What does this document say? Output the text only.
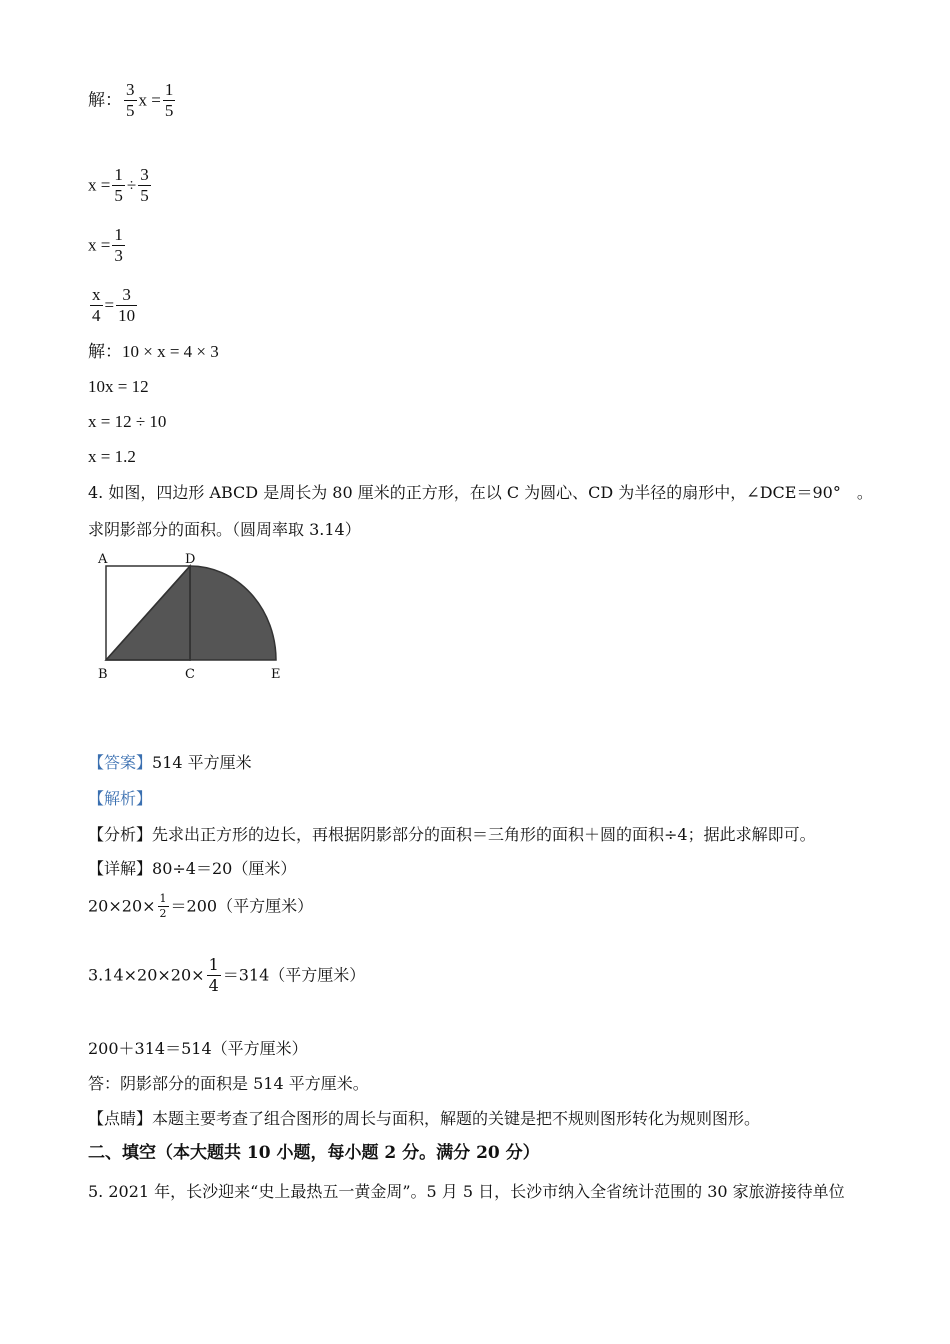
解： $\frac{3}{5}$ $x = \frac{1}{5}$
$x = \frac{1}{5} \div \frac{3}{5}$
$x = \frac{1}{3}$
$\frac{x}{4} = \frac{3}{10}$
解：10 × x = 4 × 3
10x = 12
x = 12 ÷ 10
x = 1.2
4. 如图，四边形 ABCD 是周长为 80 厘米的正方形，在以 C 为圆心、CD 为半径的扇形中，∠DCE＝90°　。
求阴影部分的面积。（圆周率取 3.14）
A	D
B	C	E
【答案】514 平方厘米
【解析】
【分析】先求出正方形的边长，再根据阴影部分的面积＝三角形的面积＋圆的面积÷4；据此求解即可。
【详解】80÷4＝20（厘米）
$20\times 20\times \frac{1}{2} =200$（平方厘米）
$3.14\times 20\times 20\times \frac{1}{4} =314$（平方厘米）
200＋314＝514（平方厘米）
答：阴影部分的面积是 514 平方厘米。
【点睛】本题主要考查了组合图形的周长与面积，解题的关键是把不规则图形转化为规则图形。
二、填空（本大题共 10 小题，每小题 2 分。满分 20 分）
5. 2021 年，长沙迎来“史上最热五一黄金周”。5 月 5 日，长沙市纳入全省统计范围的 30 家旅游接待单位
